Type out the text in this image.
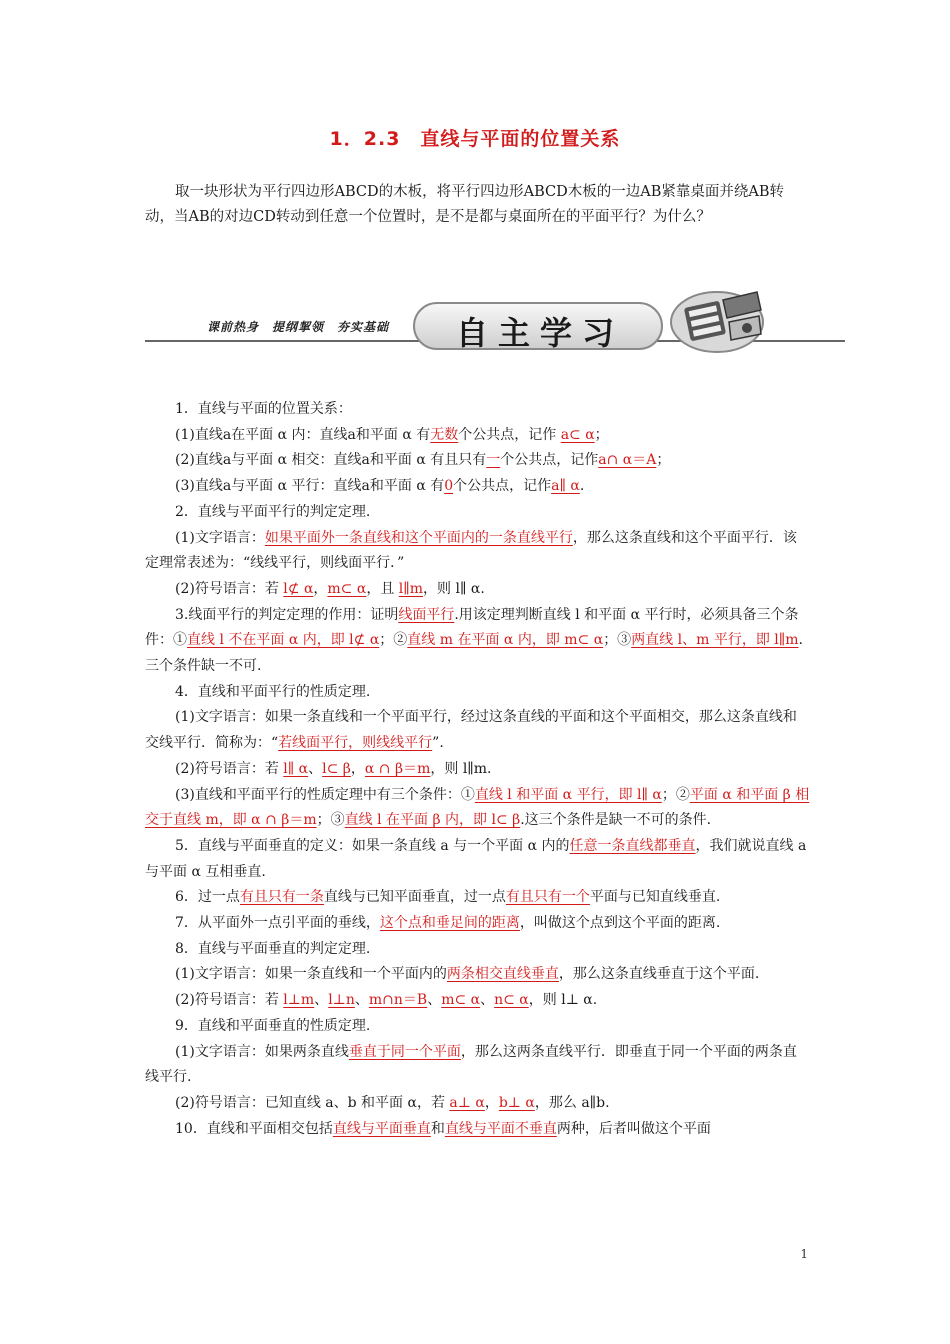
1．2.3　直线与平面的位置关系
取一块形状为平行四边形ABCD的木板，将平行四边形ABCD木板的一边AB紧靠桌面并绕AB转动，当AB的对边CD转动到任意一个位置时，是不是都与桌面所在的平面平行？为什么？
课前热身　提纲挈领　夯实基础	自主学习

1．直线与平面的位置关系：

(1)直线a在平面 α 内：直线a和平面 α 有无数个公共点，记作 a⊂ α；

(2)直线a与平面 α 相交：直线a和平面 α 有且只有一个公共点，记作a∩ α＝A；

(3)直线a与平面 α 平行：直线a和平面 α 有0个公共点，记作a∥ α.

2．直线与平面平行的判定定理.

(1)文字语言：如果平面外一条直线和这个平面内的一条直线平行，那么这条直线和这个平面平行．该定理常表述为：“线线平行，则线面平行．”

(2)符号语言：若 l⊄ α，m⊂ α，且 l∥m，则 l∥ α.

3.线面平行的判定定理的作用：证明线面平行.用该定理判断直线 l 和平面 α 平行时，必须具备三个条件：①直线 l 不在平面 α 内，即 l⊄ α；②直线 m 在平面 α 内，即 m⊂ α；③两直线 l、m 平行，即 l∥m. 三个条件缺一不可.

4．直线和平面平行的性质定理.

(1)文字语言：如果一条直线和一个平面平行，经过这条直线的平面和这个平面相交，那么这条直线和交线平行．简称为：“若线面平行，则线线平行”.

(2)符号语言：若 l∥ α、l⊂ β，α ∩ β＝m，则 l∥m.

(3)直线和平面平行的性质定理中有三个条件：①直线 l 和平面 α 平行，即 l∥ α；②平面 α 和平面 β 相交于直线 m，即 α ∩ β＝m；③直线 l 在平面 β 内，即 l⊂ β.这三个条件是缺一不可的条件.

5．直线与平面垂直的定义：如果一条直线 a 与一个平面 α 内的任意一条直线都垂直，我们就说直线 a 与平面 α 互相垂直.

6．过一点有且只有一条直线与已知平面垂直，过一点有且只有一个平面与已知直线垂直.

7．从平面外一点引平面的垂线，这个点和垂足间的距离，叫做这个点到这个平面的距离.

8．直线与平面垂直的判定定理.

(1)文字语言：如果一条直线和一个平面内的两条相交直线垂直，那么这条直线垂直于这个平面.

(2)符号语言：若 l⊥m、l⊥n、m∩n＝B、m⊂ α、n⊂ α，则 l⊥ α.

9．直线和平面垂直的性质定理.

(1)文字语言：如果两条直线垂直于同一个平面，那么这两条直线平行．即垂直于同一个平面的两条直线平行.

(2)符号语言：已知直线 a、b 和平面 α，若 a⊥ α，b⊥ α，那么 a∥b.

10．直线和平面相交包括直线与平面垂直和直线与平面不垂直两种，后者叫做这个平面

1
